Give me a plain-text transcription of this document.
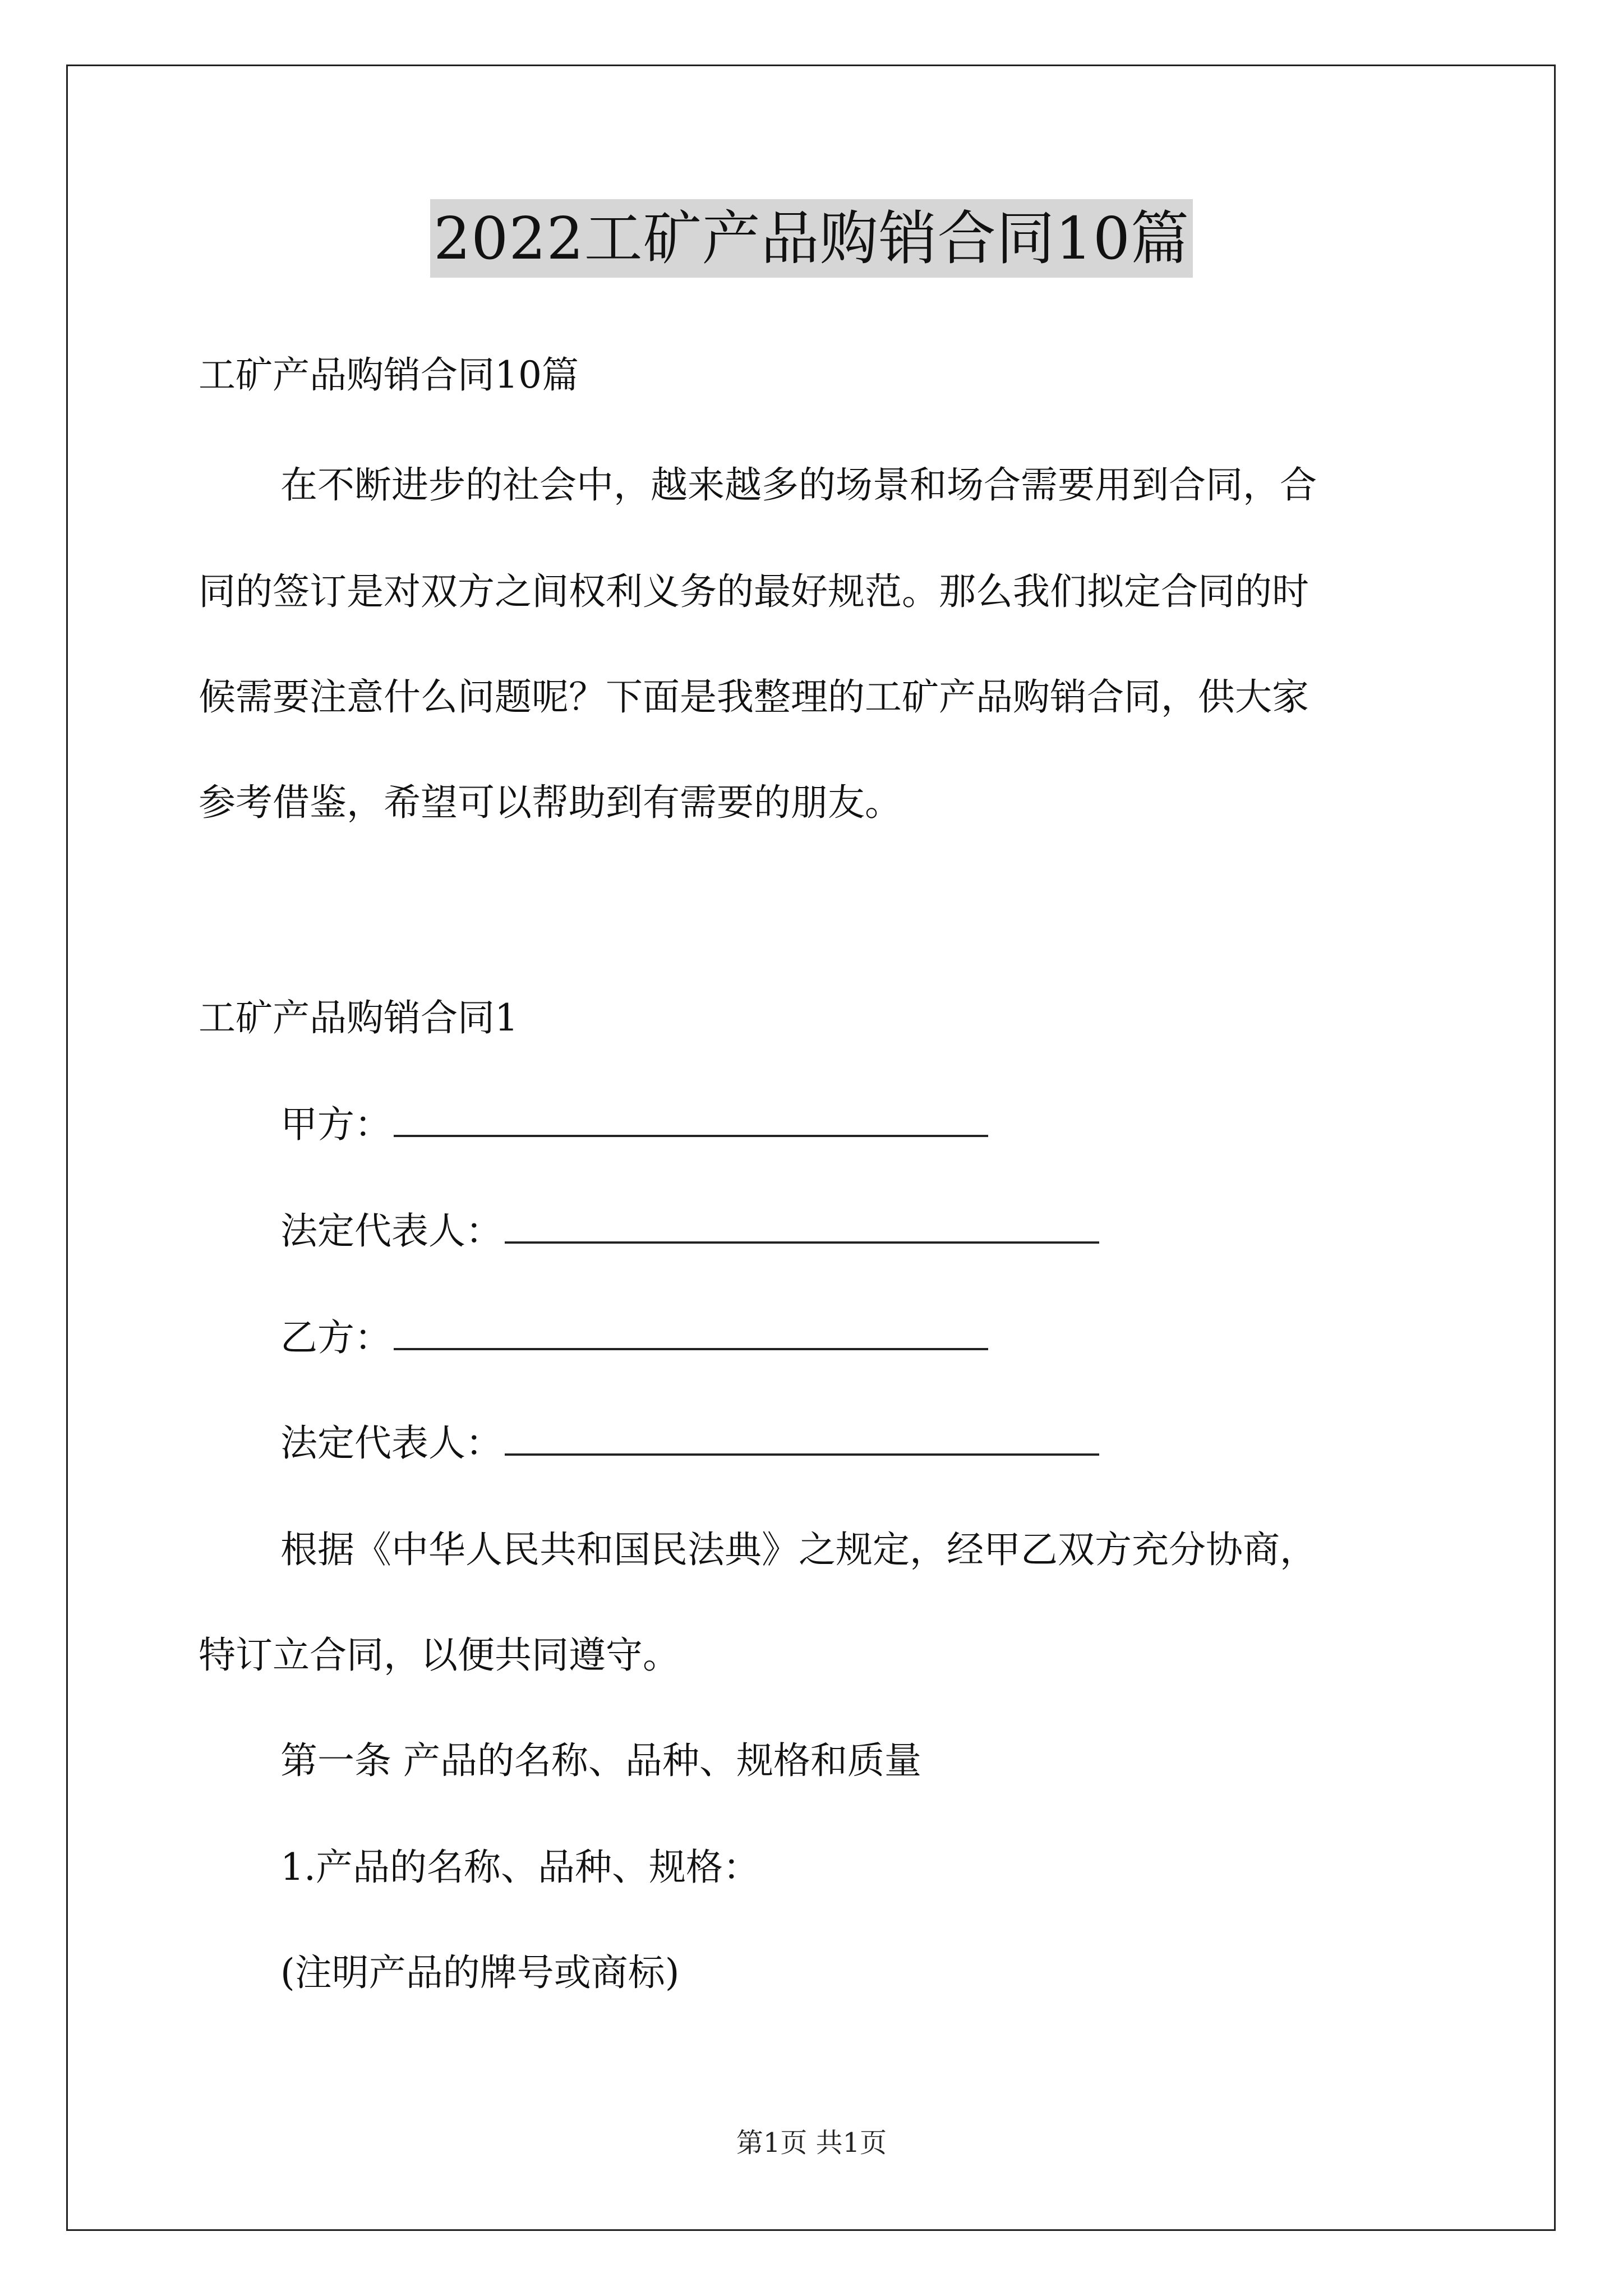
2022工矿产品购销合同10篇
工矿产品购销合同10篇
在不断进步的社会中，越来越多的场景和场合需要用到合同，合
同的签订是对双方之间权利义务的最好规范。那么我们拟定合同的时
候需要注意什么问题呢？下面是我整理的工矿产品购销合同，供大家
参考借鉴，希望可以帮助到有需要的朋友。
工矿产品购销合同1
甲方：
法定代表人：
乙方：
法定代表人：
根据《中华人民共和国民法典》之规定，经甲乙双方充分协商，
特订立合同，以便共同遵守。
第一条 产品的名称、品种、规格和质量
1.产品的名称、品种、规格：
(注明产品的牌号或商标)
第1页 共1页
